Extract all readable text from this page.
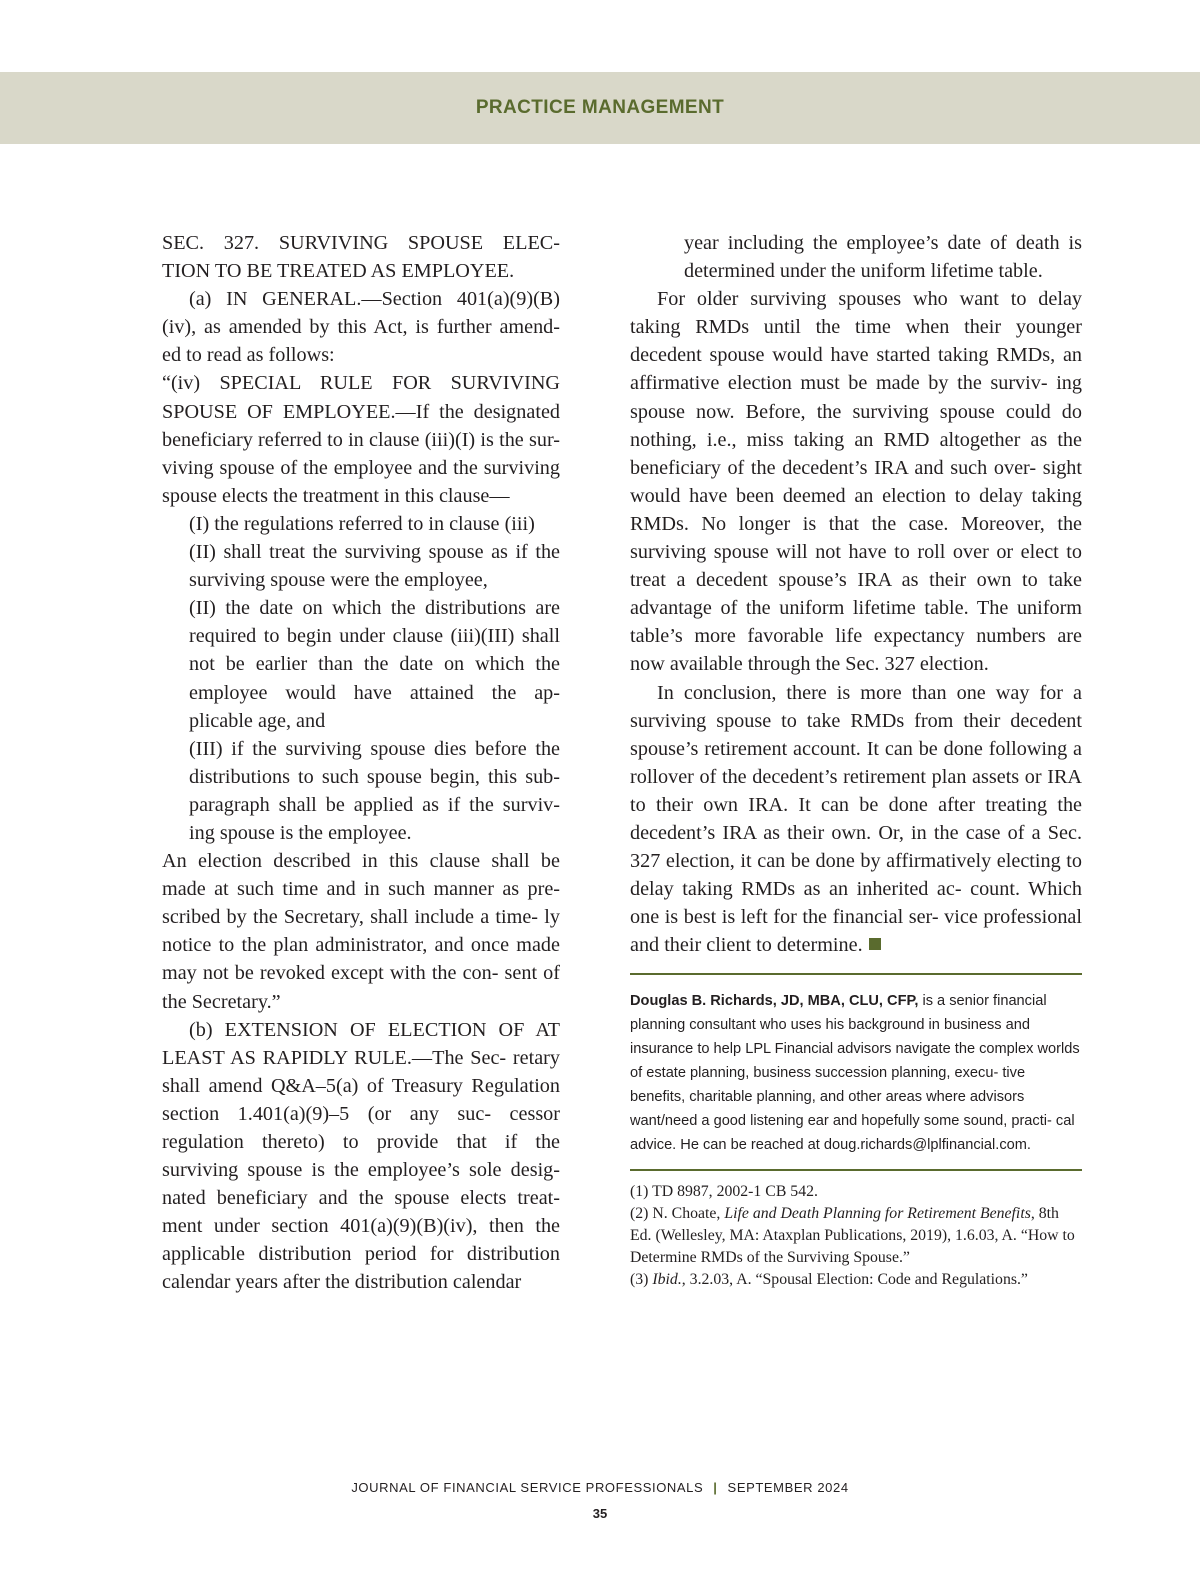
PRACTICE MANAGEMENT

SEC. 327. SURVIVING SPOUSE ELEC-

TION TO BE TREATED AS EMPLOYEE.

(a) IN GENERAL.—Section 401(a)(9)(B) (iv), as amended by this Act, is further amend- ed to read as follows:

“(iv) SPECIAL RULE FOR SURVIVING SPOUSE OF EMPLOYEE.—If the designated beneficiary referred to in clause (iii)(I) is the sur- viving spouse of the employee and the surviving spouse elects the treatment in this clause—

(I) the regulations referred to in clause (iii)

(II) shall treat the surviving spouse as if the surviving spouse were the employee,

(II) the date on which the distributions are required to begin under clause (iii)(III) shall not be earlier than the date on which the employee would have attained the ap- plicable age, and

(III) if the surviving spouse dies before the distributions to such spouse begin, this sub- paragraph shall be applied as if the surviv- ing spouse is the employee.

An election described in this clause shall be made at such time and in such manner as pre- scribed by the Secretary, shall include a time- ly notice to the plan administrator, and once made may not be revoked except with the con- sent of the Secretary.”

(b) EXTENSION OF ELECTION OF AT LEAST AS RAPIDLY RULE.—The Sec- retary shall amend Q&A–5(a) of Treasury Regulation section 1.401(a)(9)–5 (or any suc- cessor regulation thereto) to provide that if the surviving spouse is the employee’s sole desig- nated beneficiary and the spouse elects treat- ment under section 401(a)(9)(B)(iv), then the applicable distribution period for distribution calendar years after the distribution calendar

year including the employee’s date of death is determined under the uniform lifetime table.

For older surviving spouses who want to delay taking RMDs until the time when their younger decedent spouse would have started taking RMDs, an affirmative election must be made by the surviv- ing spouse now. Before, the surviving spouse could do nothing, i.e., miss taking an RMD altogether as the beneficiary of the decedent’s IRA and such over- sight would have been deemed an election to delay taking RMDs. No longer is that the case. Moreover, the surviving spouse will not have to roll over or elect to treat a decedent spouse’s IRA as their own to take advantage of the uniform lifetime table. The uniform table’s more favorable life expectancy numbers are now available through the Sec. 327 election.

In conclusion, there is more than one way for a surviving spouse to take RMDs from their decedent spouse’s retirement account. It can be done following a rollover of the decedent’s retirement plan assets or IRA to their own IRA. It can be done after treating the decedent’s IRA as their own. Or, in the case of a Sec. 327 election, it can be done by affirmatively electing to delay taking RMDs as an inherited ac- count. Which one is best is left for the financial ser- vice professional and their client to determine.

Douglas B. Richards, JD, MBA, CLU, CFP, is a senior financial planning consultant who uses his background in business and insurance to help LPL Financial advisors navigate the complex worlds of estate planning, business succession planning, execu- tive benefits, charitable planning, and other areas where advisors want/need a good listening ear and hopefully some sound, practi- cal advice. He can be reached at doug.richards@lplfinancial.com.

(1) TD 8987, 2002-1 CB 542.

(2) N. Choate, Life and Death Planning for Retirement Benefits, 8th Ed. (Wellesley, MA: Ataxplan Publications, 2019), 1.6.03, A. “How to Determine RMDs of the Surviving Spouse.”

(3) Ibid., 3.2.03, A. “Spousal Election: Code and Regulations.”

JOURNAL OF FINANCIAL SERVICE PROFESSIONALS | SEPTEMBER 2024
35
